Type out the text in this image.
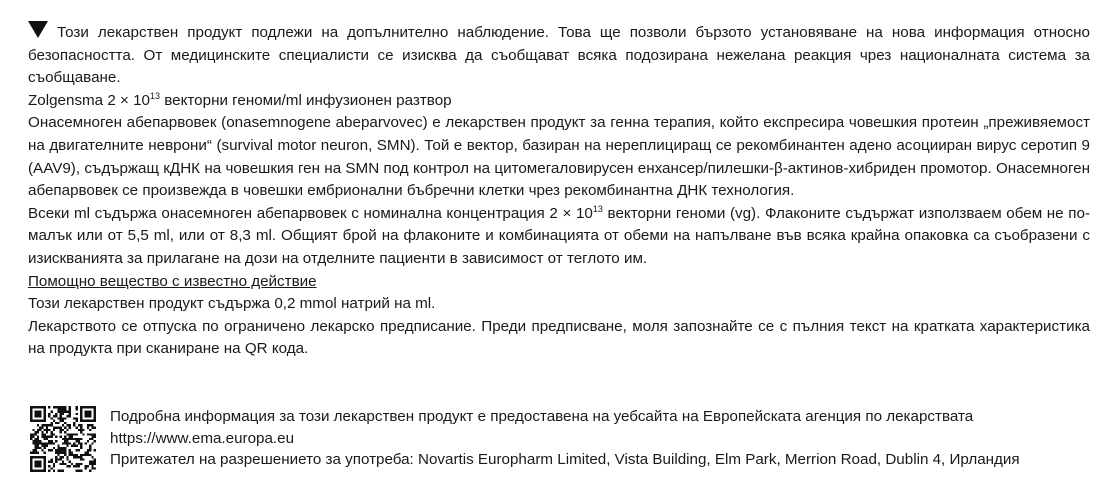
Този лекарствен продукт подлежи на допълнително наблюдение. Това ще позволи бързото установяване на нова информация относно безопасността. От медицинските специалисти се изисква да съобщават всяка подозирана нежелана реакция чрез националната система за съобщаване.

Zolgensma $2 \times 10^{13}$ векторни геноми/ml инфузионен разтвор

Онасемноген абепарвовек (onasemnogene abeparvovec) е лекарствен продукт за генна терапия, който експресира човешкия протеин „преживяемост на двигателните неврони“ (survival motor neuron, SMN). Той е вектор, базиран на нереплициращ се рекомбинантен адено асоцииран вирус серотип 9 (AAV9), съдържащ кДНК на човешкия ген на SMN под контрол на цитомегаловирусен енхансер/пилешки-β-актинов-хибриден промотор. Онасемноген абепарвовек се произвежда в човешки ембрионални бъбречни клетки чрез рекомбинантна ДНК технология.

Всеки ml съдържа онасемноген абепарвовек с номинална концентрация $2 \times 10^{13}$ векторни геноми (vg). Флаконите съдържат използваем обем не по-малък или от 5,5 ml, или от 8,3 ml. Общият брой на флаконите и комбинацията от обеми на напълване във всяка крайна опаковка са съобразени с изискванията за прилагане на дози на отделните пациенти в зависимост от теглото им.

Помощно вещество с известно действие

Този лекарствен продукт съдържа 0,2 mmol натрий на ml.

Лекарството се отпуска по ограничено лекарско предписание. Преди предписване, моля запознайте се с пълния текст на кратката характеристика на продукта при сканиране на QR кода.

Подробна информация за този лекарствен продукт е предоставена на уебсайта на Европейската агенция по лекарствата
https://www.ema.europa.eu
Притежател на разрешението за употреба: Novartis Europharm Limited, Vista Building, Elm Park, Merrion Road, Dublin 4, Ирландия
